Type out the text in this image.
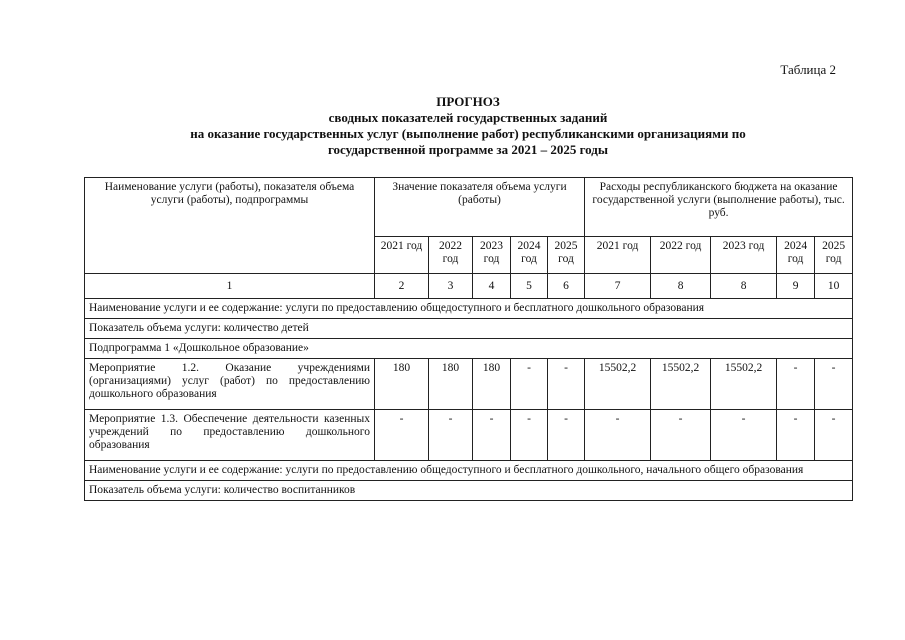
Таблица 2
ПРОГНОЗ
сводных показателей государственных заданий
на оказание государственных услуг (выполнение работ) республиканскими организациями по
государственной программе за 2021 – 2025 годы
Наименование услуги (работы), показателя объема услуги (работы), подпрограммы	Значение показателя объема услуги (работы)					Расходы республиканского бюджета на оказание государственной услуги (выполнение работы), тыс. руб.				
	2021 год	2022 год	2023 год	2024 год	2025 год	2021 год	2022 год	2023 год	2024 год	2025 год
1	2	3	4	5	6	7	8	8	9	10
Наименование услуги и ее содержание: услуги по предоставлению общедоступного и бесплатного дошкольного образования										
Показатель объема услуги: количество детей										
Подпрограмма 1 «Дошкольное образование»										
Мероприятие 1.2. Оказание учреждениями (организациями) услуг (работ) по предоставлению дошкольного образования	180	180	180	-	-	15502,2	15502,2	15502,2	-	-
Мероприятие 1.3. Обеспечение деятельности казенных учреждений по предоставлению дошкольного образования	-	-	-	-	-	-	-	-	-	-
Наименование услуги и ее содержание: услуги по предоставлению общедоступного и бесплатного дошкольного, начального общего образования										
Показатель объема услуги: количество воспитанников										
